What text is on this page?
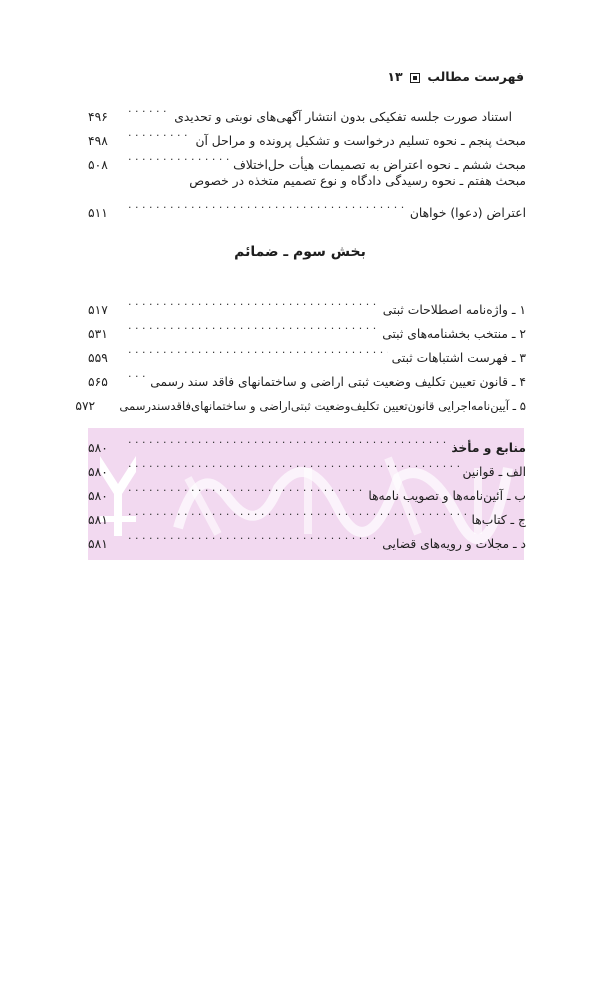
فهرست مطالب  ۱۳
استناد صورت جلسه تفکیکی بدون انتشار آگهی‌های نوبتی و تحدیدی
. . .
۴۹۶
مبحث پنجم ـ نحوه تسلیم درخواست و تشکیل پرونده و مراحل آن
. . .
۴۹۸
مبحث ششم ـ نحوه اعتراض به تصمیمات هیأت حل‌اختلاف
. . .
۵۰۸
مبحث هفتم ـ نحوه رسیدگی دادگاه و نوع تصمیم متخذه در خصوص
اعتراض (دعوا) خواهان
. . .
۵۱۱
بخش سوم ـ ضمائم
۱ ـ واژه‌نامه اصطلاحات ثبتی
. . .
۵۱۷
۲ ـ منتخب بخشنامه‌های ثبتی
. . .
۵۳۱
۳ ـ فهرست اشتباهات ثبتی
. . .
۵۵۹
۴ ـ قانون تعیین تکلیف وضعیت ثبتی اراضی و ساختمانهای فاقد سند رسمی
. . .
۵۶۵
۵ ـ آیین‌نامه‌اجرایی قانون‌تعیین تکلیف‌وضعیت ثبتی‌اراضی و ساختمانهای‌فاقد‌سند‌رسمی
۵۷۲
منابع و مأخذ
. . .
۵۸۰
الف ـ قوانین
. . .
۵۸۰
ب ـ آئین‌نامه‌ها و تصویب نامه‌ها
. . .
۵۸۰
ج ـ کتاب‌ها
. . .
۵۸۱
د ـ مجلات و رویه‌های قضایی
. . .
۵۸۱
